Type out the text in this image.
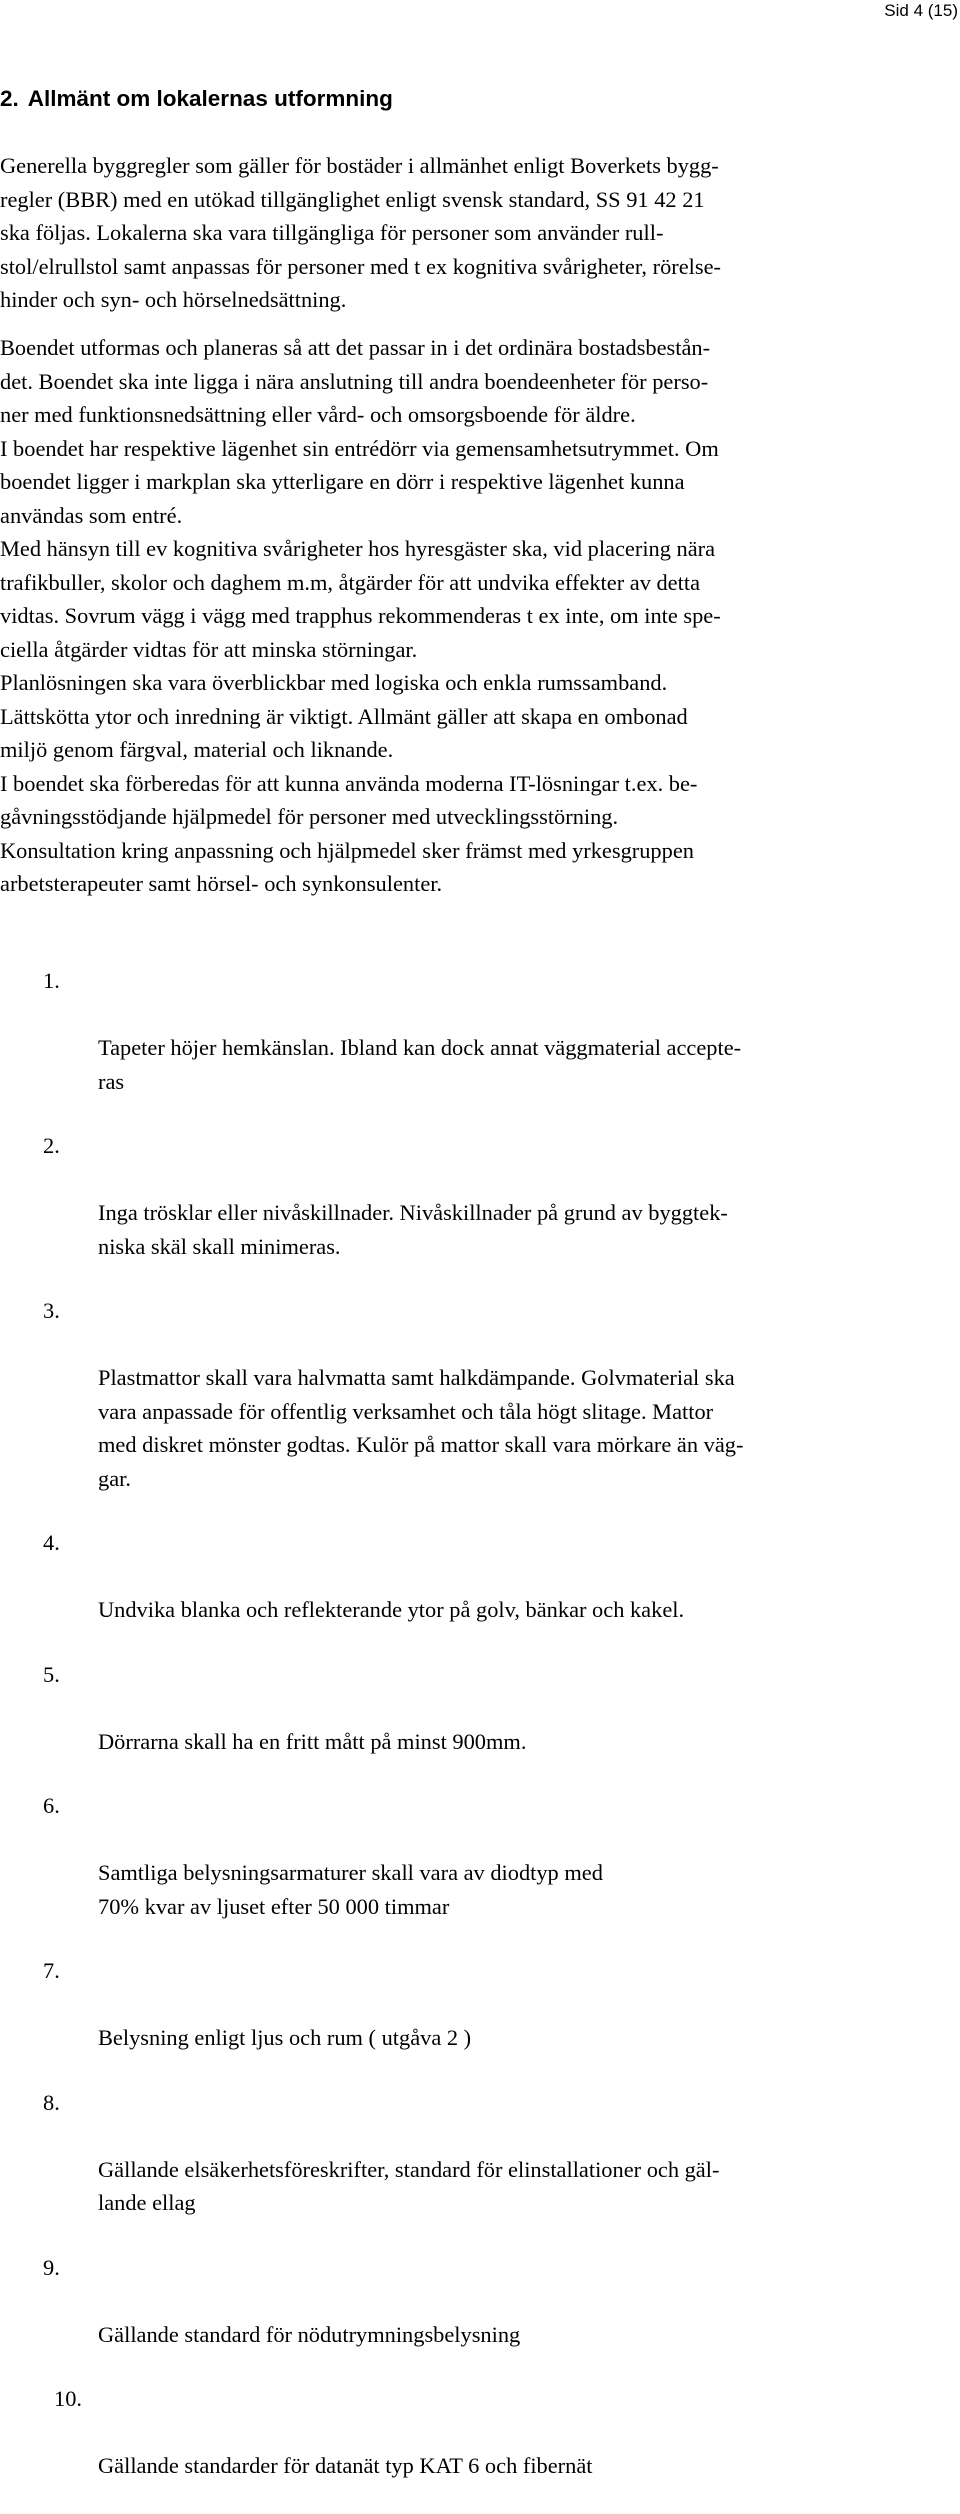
Sid 4 (15)
2. Allmänt om lokalernas utformning

Generella byggregler som gäller för bostäder i allmänhet enligt Boverkets bygg-
regler (BBR) med en utökad tillgänglighet enligt svensk standard, SS 91 42 21
ska följas. Lokalerna ska vara tillgängliga för personer som använder rull-
stol/elrullstol samt anpassas för personer med t ex kognitiva svårigheter, rörelse-
hinder och syn- och hörselnedsättning.

Boendet utformas och planeras så att det passar in i det ordinära bostadsbestån-
det. Boendet ska inte ligga i nära anslutning till andra boendeenheter för perso-
ner med funktionsnedsättning eller vård- och omsorgsboende för äldre.
I boendet har respektive lägenhet sin entrédörr via gemensamhetsutrymmet. Om
boendet ligger i markplan ska ytterligare en dörr i respektive lägenhet kunna
användas som entré.
Med hänsyn till ev kognitiva svårigheter hos hyresgäster ska, vid placering nära
trafikbuller, skolor och daghem m.m, åtgärder för att undvika effekter av detta
vidtas. Sovrum vägg i vägg med trapphus rekommenderas t ex inte, om inte spe-
ciella åtgärder vidtas för att minska störningar.
Planlösningen ska vara överblickbar med logiska och enkla rumssamband.
Lättskötta ytor och inredning är viktigt. Allmänt gäller att skapa en ombonad
miljö genom färgval, material och liknande.
I boendet ska förberedas för att kunna använda moderna IT-lösningar t.ex. be-
gåvningsstödjande hjälpmedel för personer med utvecklingsstörning.
Konsultation kring anpassning och hjälpmedel sker främst med yrkesgruppen
arbetsterapeuter samt hörsel- och synkonsulenter.

1.

Tapeter höjer hemkänslan. Ibland kan dock annat väggmaterial accepte-
ras

2.

Inga trösklar eller nivåskillnader. Nivåskillnader på grund av byggtek-
niska skäl skall minimeras.

3.

Plastmattor skall vara halvmatta samt halkdämpande. Golvmaterial ska
vara anpassade för offentlig verksamhet och tåla högt slitage. Mattor
med diskret mönster godtas. Kulör på mattor skall vara mörkare än väg-
gar.

4.

Undvika blanka och reflekterande ytor på golv, bänkar och kakel.

5.

Dörrarna skall ha en fritt mått på minst 900mm.

6.

Samtliga belysningsarmaturer skall vara av diodtyp med
70% kvar av ljuset efter 50 000 timmar

7.

Belysning enligt ljus och rum ( utgåva 2 )

8.

Gällande elsäkerhetsföreskrifter, standard för elinstallationer och gäl-
lande ellag

9.

Gällande standard för nödutrymningsbelysning

10.

Gällande standarder för datanät typ KAT 6 och fibernät
